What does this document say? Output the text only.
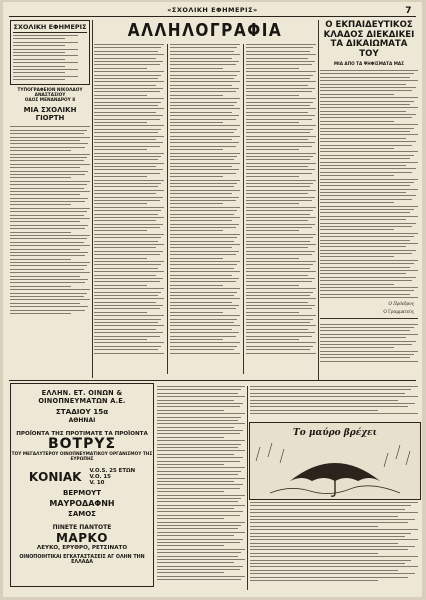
«ΣΧΟΛΙΚΗ ΕΦΗΜΕΡΙΣ»	7
ΣΧΟΛΙΚΗ ΕΦΗΜΕΡΙΣ
ΤΥΠΟΓΡΑΦΕΙΟΝ ΝΙΚΟΛΑΟΥ ΑΝΑΣΤΑΣΙΟΥ
ΟΔΟΣ ΜΕΝΑΝΔΡΟΥ 8
ΜΙΑ ΣΧΟΛΙΚΗ ΓΙΟΡΤΗ
ΑΛΛΗΛΟΓΡΑΦΙΑ	Ο ΕΚΠΑΙΔΕΥΤΙΚΟΣ ΚΛΑΔΟΣ ΔΙΕΚΔΙΚΕΙ ΤΑ ΔΙΚΑΙΩΜΑΤΑ ΤΟΥ
ΜΙΑ ΑΠΟ ΤΑ ΨΗΦΙΣΜΑΤΑ ΜΑΣ
Ο Πρόεδρος
Ο Γραμματεύς
ΕΛΛΗΝ. ΕΤ. ΟΙΝΩΝ & ΟΙΝΟΠΝΕΥΜΑΤΩΝ Α.Ε.
ΣΤΑΔΙΟΥ 15α
ΑΘΗΝΑΙ
ΠΡΟΪΟΝΤΑ ΤΗΣ ΠΡΟΤΙΜΑΤΕ ΤΑ ΠΡΟΪΟΝΤΑ
ΒΟΤΡΥΣ
ΤΟΥ ΜΕΓΑΛΥΤΕΡΟΥ ΟΙΝΟΠΝΕΥΜΑΤΙΚΟΥ ΟΡΓΑΝΙΣΜΟΥ ΤΗΣ ΕΥΡΩΠΗΣ
ΚΟΝΙΑΚ V.O.S. 25 ΕΤΩΝ
V.O. 15
V. 10
ΒΕΡΜΟΥΤ
ΜΑΥΡΟΔΑΦΝΗ
ΣΑΜΟΣ
ΠΙΝΕΤΕ ΠΑΝΤΟΤΕ
ΜΑΡΚΟ
ΛΕΥΚΟ, ΕΡΥΘΡΟ, ΡΕΤΣΙΝΑΤΟ
ΟΙΝΟΠΟΙΗΤΙΚΑΙ ΕΓΚΑΤΑΣΤΑΣΕΙΣ ΑΓ ΟΛΗΝ ΤΗΝ ΕΛΛΑΔΑ
Το μαύρο βρέχει
